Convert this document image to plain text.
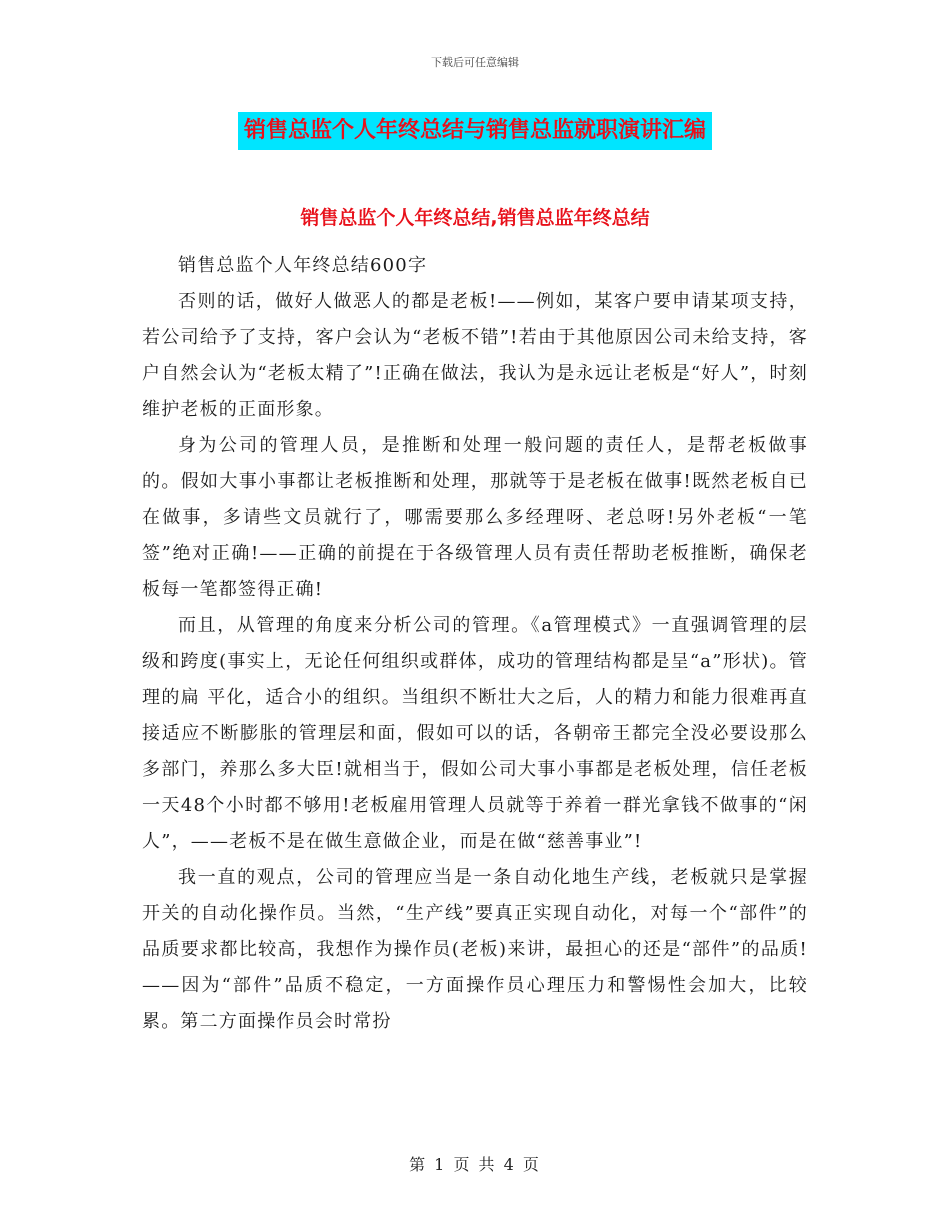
下载后可任意编辑
销售总监个人年终总结与销售总监就职演讲汇编
销售总监个人年终总结,销售总监年终总结

销售总监个人年终总结600字

否则的话，做好人做恶人的都是老板!——例如，某客户要申请某项支持，若公司给予了支持，客户会认为“老板不错”!若由于其他原因公司未给支持，客户自然会认为“老板太精了”!正确在做法，我认为是永远让老板是“好人”，时刻维护老板的正面形象。

身为公司的管理人员，是推断和处理一般问题的责任人，是帮老板做事的。假如大事小事都让老板推断和处理，那就等于是老板在做事!既然老板自已在做事，多请些文员就行了，哪需要那么多经理呀、老总呀!另外老板“一笔签”绝对正确!——正确的前提在于各级管理人员有责任帮助老板推断，确保老板每一笔都签得正确!

而且，从管理的角度来分析公司的管理。《a管理模式》一直强调管理的层级和跨度(事实上，无论任何组织或群体，成功的管理结构都是呈“a”形状)。管理的扁 平化，适合小的组织。当组织不断壮大之后，人的精力和能力很难再直接适应不断膨胀的管理层和面，假如可以的话，各朝帝王都完全没必要设那么多部门，养那么多大臣!就相当于，假如公司大事小事都是老板处理，信任老板一天48个小时都不够用!老板雇用管理人员就等于养着一群光拿钱不做事的“闲人”，——老板不是在做生意做企业，而是在做“慈善事业”!

我一直的观点，公司的管理应当是一条自动化地生产线，老板就只是掌握开关的自动化操作员。当然，“生产线”要真正实现自动化，对每一个“部件”的品质要求都比较高，我想作为操作员(老板)来讲，最担心的还是“部件”的品质!——因为“部件”品质不稳定，一方面操作员心理压力和警惕性会加大，比较累。第二方面操作员会时常扮

第 1 页 共 4 页
